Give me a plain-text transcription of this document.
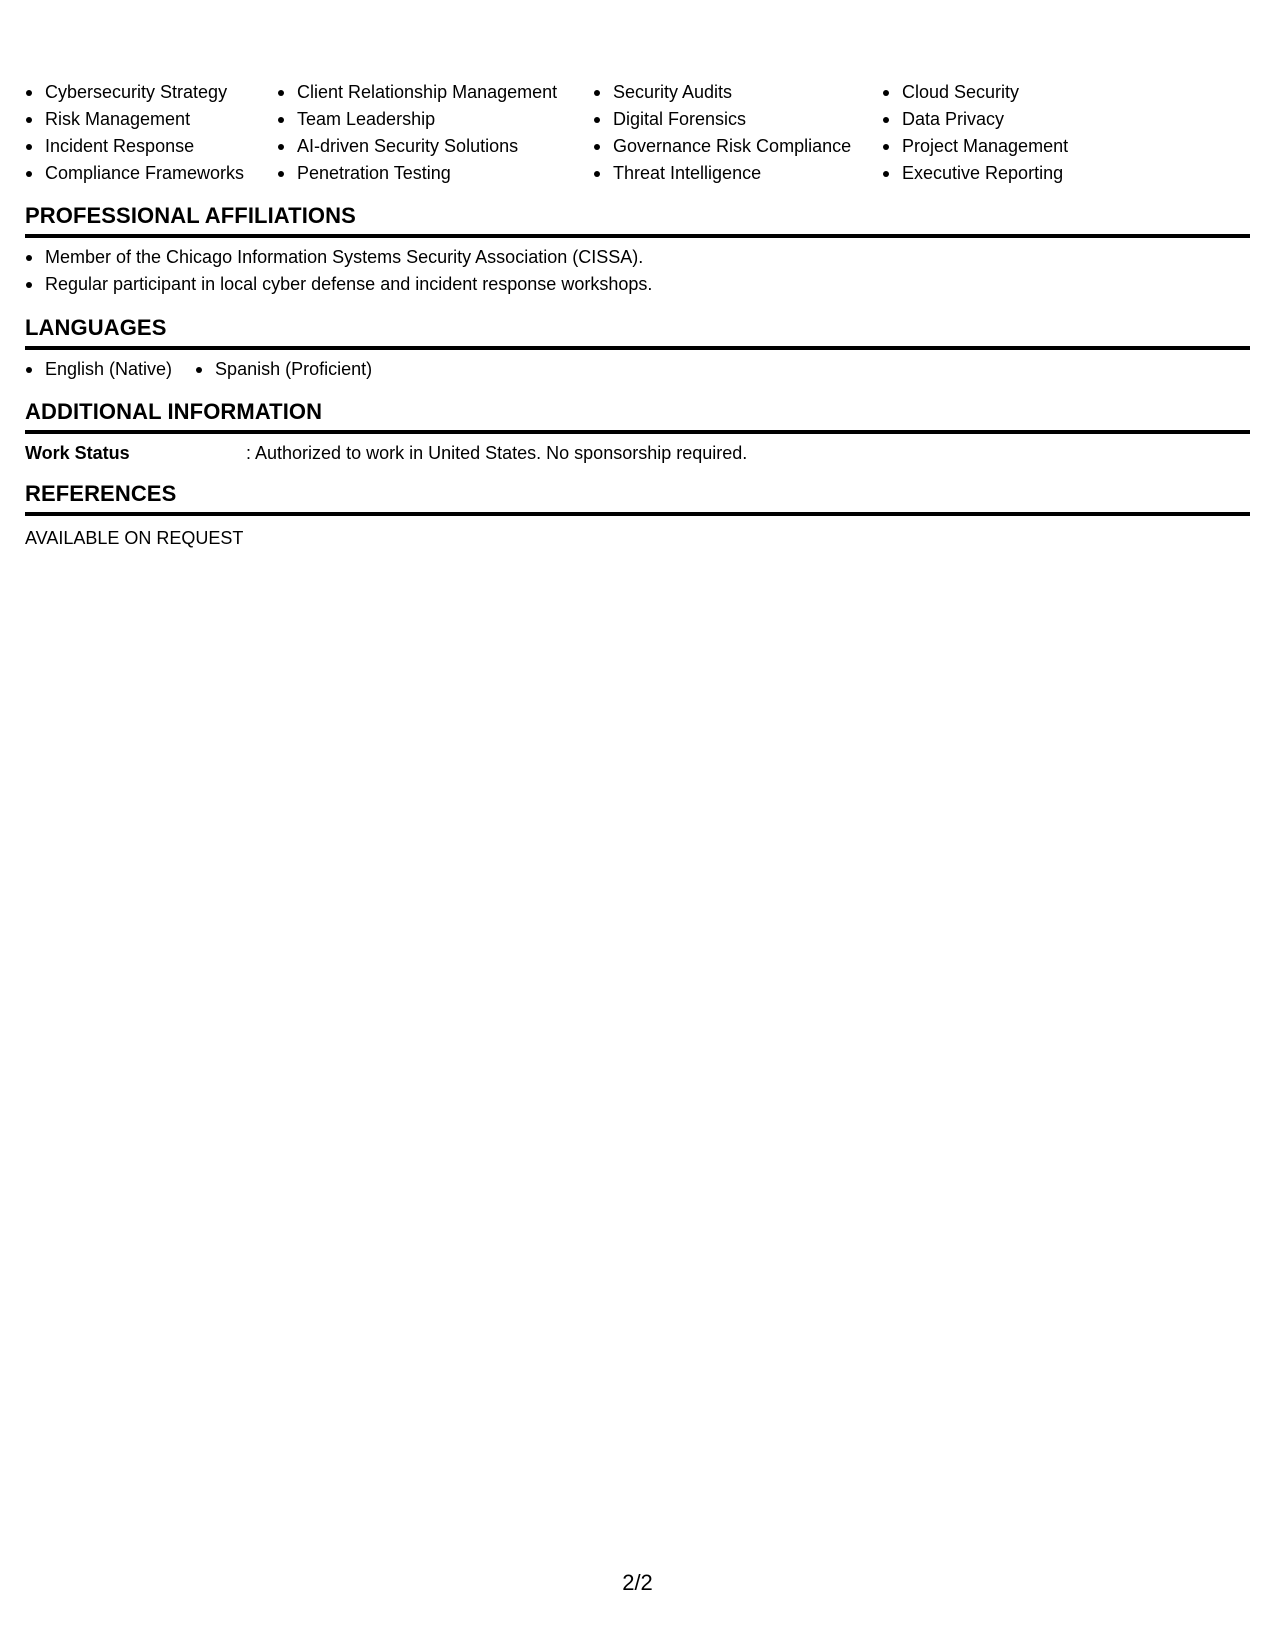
Cybersecurity Strategy
Risk Management
Incident Response
Compliance Frameworks
Client Relationship Management
Team Leadership
AI-driven Security Solutions
Penetration Testing
Security Audits
Digital Forensics
Governance Risk Compliance
Threat Intelligence
Cloud Security
Data Privacy
Project Management
Executive Reporting
PROFESSIONAL AFFILIATIONS
Member of the Chicago Information Systems Security Association (CISSA).
Regular participant in local cyber defense and incident response workshops.
LANGUAGES
English (Native)	Spanish (Proficient)
ADDITIONAL INFORMATION
Work Status	: Authorized to work in United States. No sponsorship required.
REFERENCES
AVAILABLE ON REQUEST
2/2
